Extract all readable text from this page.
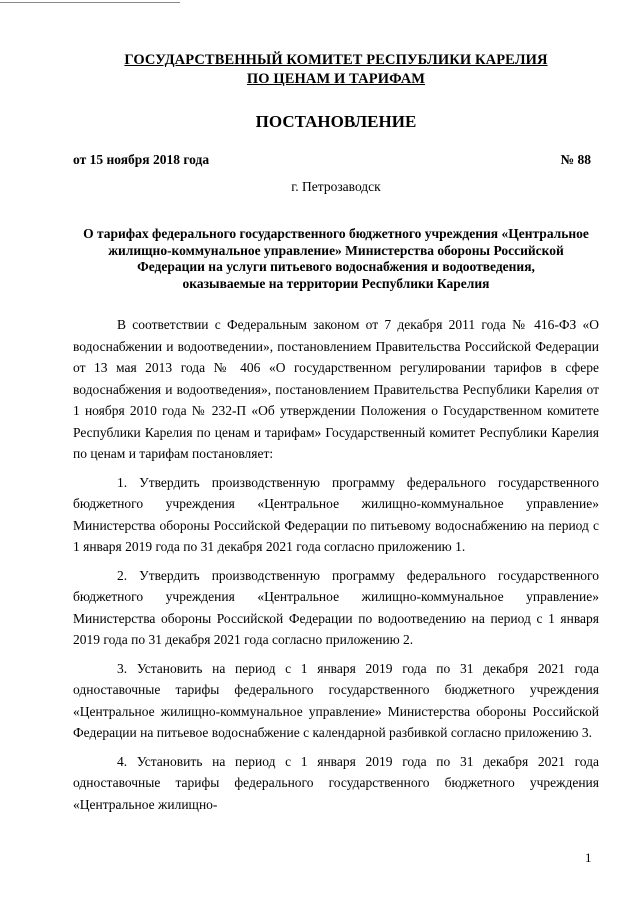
ГОСУДАРСТВЕННЫЙ КОМИТЕТ РЕСПУБЛИКИ КАРЕЛИЯ
ПО ЦЕНАМ И ТАРИФАМ
ПОСТАНОВЛЕНИЕ
от 15 ноября 2018 года	№ 88
г. Петрозаводск
О тарифах федерального государственного бюджетного учреждения «Центральное
жилищно-коммунальное управление» Министерства обороны Российской
Федерации на услуги питьевого водоснабжения и водоотведения,
оказываемые на территории Республики Карелия

В соответствии с Федеральным законом от 7 декабря 2011 года № 416-ФЗ «О водоснабжении и водоотведении», постановлением Правительства Российской Федерации от 13 мая 2013 года № 406 «О государственном регулировании тарифов в сфере водоснабжения и водоотведения», постановлением Правительства Республики Карелия от 1 ноября 2010 года № 232-П «Об утверждении Положения о Государственном комитете Республики Карелия по ценам и тарифам» Государственный комитет Республики Карелия по ценам и тарифам постановляет:

1. Утвердить производственную программу федерального государственного бюджетного учреждения «Центральное жилищно-коммунальное управление» Министерства обороны Российской Федерации по питьевому водоснабжению на период с 1 января 2019 года по 31 декабря 2021 года согласно приложению 1.

2. Утвердить производственную программу федерального государственного бюджетного учреждения «Центральное жилищно-коммунальное управление» Министерства обороны Российской Федерации по водоотведению на период с 1 января 2019 года по 31 декабря 2021 года согласно приложению 2.

3. Установить на период с 1 января 2019 года по 31 декабря 2021 года одноставочные тарифы федерального государственного бюджетного учреждения «Центральное жилищно-коммунальное управление» Министерства обороны Российской Федерации на питьевое водоснабжение с календарной разбивкой согласно приложению 3.

4. Установить на период с 1 января 2019 года по 31 декабря 2021 года одноставочные тарифы федерального государственного бюджетного учреждения «Центральное жилищно-

1
